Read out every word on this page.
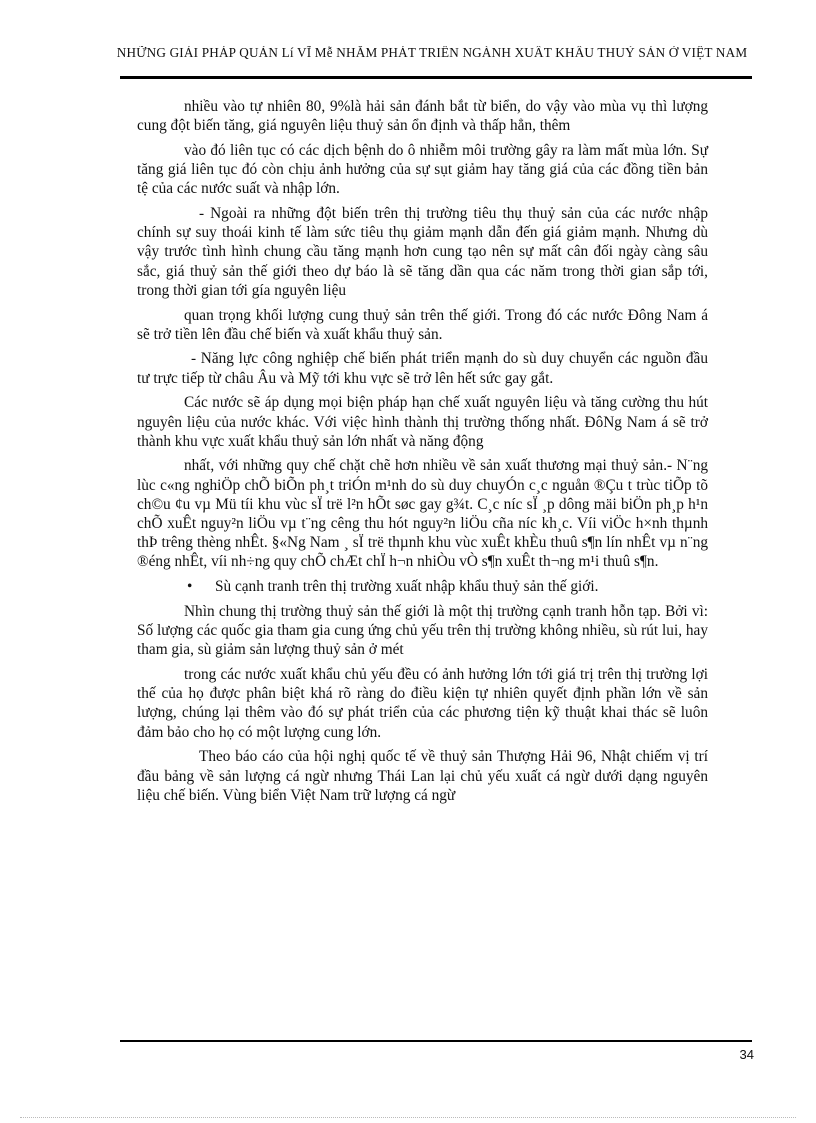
NHỮNG GIẢI PHÁP QUẢN Lí VĨ Mễ NHẰM PHÁT TRIỂN NGÀNH XUẤT KHẨU THUỶ SẢN Ở VIỆT NAM

nhiều vào tự nhiên 80, 9%là hải sản đánh bắt từ biển, do vậy vào mùa vụ thì lượng cung đột biến tăng, giá nguyên liệu thuỷ sản ổn định và thấp hẳn, thêm

vào đó liên tục có các dịch bệnh do ô nhiễm môi trường gây ra làm mất mùa lớn. Sự tăng giá liên tục đó còn chịu ảnh hưởng của sự sụt giảm hay tăng giá của các đồng tiền bản tệ của các nước suất và nhập lớn.

- Ngoài ra những đột biến trên thị trường tiêu thụ thuỷ sản của các nước nhập chính sự suy thoái kinh tế làm sức tiêu thụ giảm mạnh dẫn đến giá giảm mạnh. Nhưng dù vậy trước tình hình chung cầu tăng mạnh hơn cung tạo nên sự mất cân đối ngày càng sâu sắc, giá thuỷ sản thế giới theo dự báo là sẽ tăng dần qua các năm trong thời gian sắp tới, trong thời gian tới gía nguyên liệu

quan trọng khối lượng cung thuỷ sản trên thế giới. Trong đó các nước Đông Nam á sẽ trở tiền lên đầu chế biến và xuất khẩu thuỷ sản.

- Năng lực công nghiệp chế biến phát triển mạnh do sù duy chuyển các nguồn đầu tư trực tiếp từ châu Âu và Mỹ tới khu vực sẽ trở lên hết sức gay gắt.

Các nước sẽ áp dụng mọi biện pháp hạn chế xuất nguyên liệu và tăng cường thu hút nguyên liệu của nước khác. Với việc hình thành thị trường thống nhất. ĐôNg Nam á sẽ trở thành khu vực xuất khẩu thuỷ sản lớn nhất và năng động

nhất, với những quy chế chặt chẽ hơn nhiều về sản xuất thương mại thuỷ sản.- N¨ng lùc c«ng nghiÖp chÕ biÕn ph¸t triÓn m¹nh do sù duy chuyÓn c¸c nguån ®Çu t trùc tiÕp tõ ch©u ¢u vµ Mü tíi khu vùc sÏ trë l²n hÕt søc gay g¾t. C¸c níc sÏ ¸p dông mäi biÖn ph¸p h¹n chÕ xuÊt nguy²n liÖu vµ t¨ng cêng thu hót nguy²n liÖu cña níc kh¸c. Víi viÖc h×nh thµnh thÞ trêng thèng nhÊt. §«Ng Nam ¸ sÏ trë thµnh khu vùc xuÊt khÈu thuû s¶n lín nhÊt vµ n¨ng ®éng nhÊt, víi nh÷ng quy chÕ chÆt chÏ h¬n nhiÒu vÒ s¶n xuÊt th¬ng m¹i thuû s¶n.

• Sù cạnh tranh trên thị trường xuất nhập khẩu thuỷ sản thế giới.

Nhìn chung thị trường thuỷ sản thế giới là một thị trường cạnh tranh hỗn tạp. Bởi vì: Số lượng các quốc gia tham gia cung ứng chủ yếu trên thị trường không nhiều, sù rút lui, hay tham gia, sù giảm sản lượng thuỷ sản ở mét

trong các nước xuất khẩu chủ yếu đều có ảnh hưởng lớn tới giá trị trên thị trường lợi thế của họ được phân biệt khá rõ ràng do điều kiện tự nhiên quyết định phần lớn về sản lượng, chúng lại thêm vào đó sự phát triển của các phương tiện kỹ thuật khai thác sẽ luôn đảm bảo cho họ có một lượng cung lớn.

Theo báo cáo của hội nghị quốc tế về thuỷ sản Thượng Hải 96, Nhật chiếm vị trí đầu bảng về sản lượng cá ngừ nhưng Thái Lan lại chủ yếu xuất cá ngừ dưới dạng nguyên liệu chế biến. Vùng biển Việt Nam trữ lượng cá ngừ

34
